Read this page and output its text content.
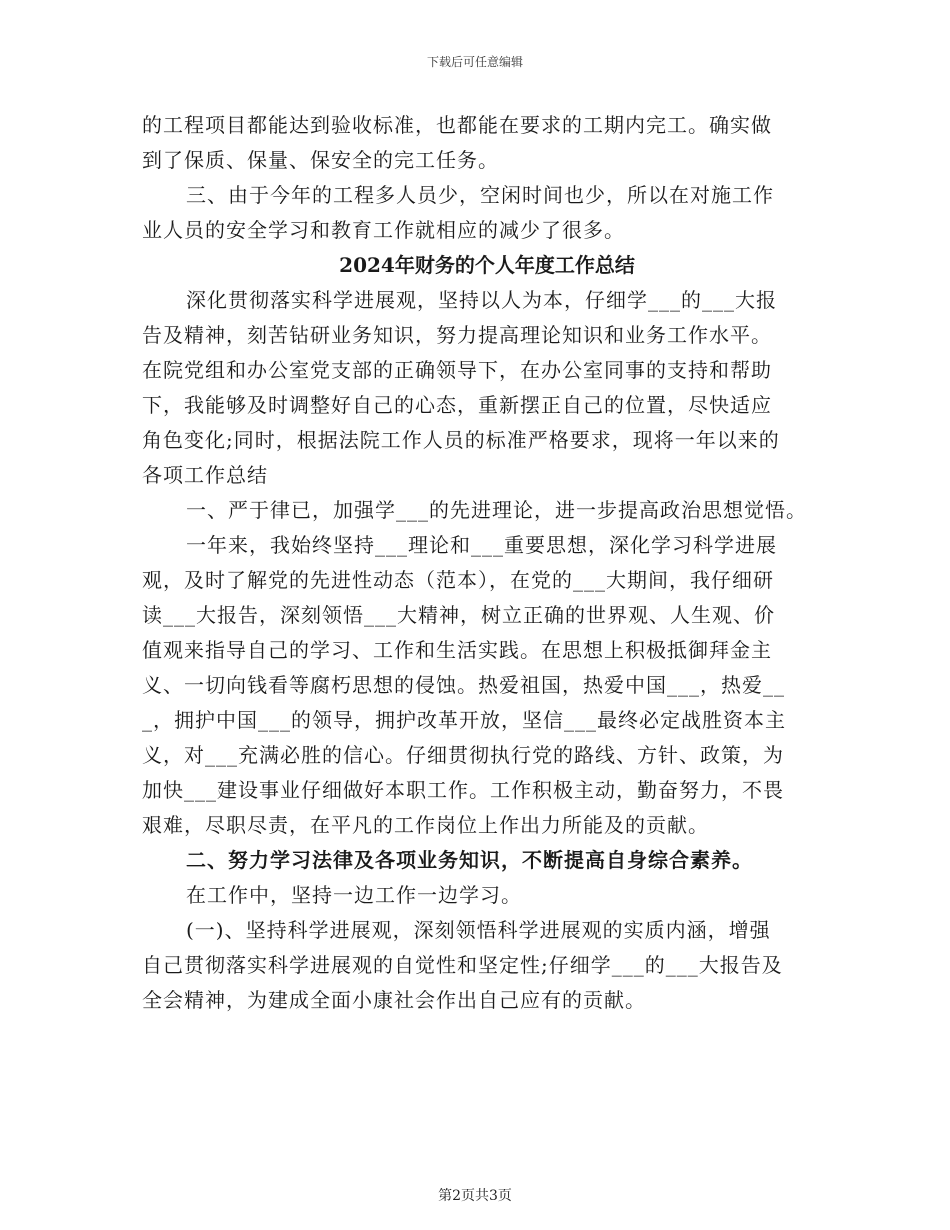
下载后可任意编辑
的工程项目都能达到验收标准，也都能在要求的工期内完工。确实做
到了保质、保量、保安全的完工任务。
三、由于今年的工程多人员少，空闲时间也少，所以在对施工作
业人员的安全学习和教育工作就相应的减少了很多。
2024年财务的个人年度工作总结
深化贯彻落实科学进展观，坚持以人为本，仔细学___的___大报
告及精神，刻苦钻研业务知识，努力提高理论知识和业务工作水平。
在院党组和办公室党支部的正确领导下，在办公室同事的支持和帮助
下，我能够及时调整好自己的心态，重新摆正自己的位置，尽快适应
角色变化;同时，根据法院工作人员的标准严格要求，现将一年以来的
各项工作总结
一、严于律已，加强学___的先进理论，进一步提高政治思想觉悟。
一年来，我始终坚持___理论和___重要思想，深化学习科学进展
观，及时了解党的先进性动态（范本），在党的___大期间，我仔细研
读___大报告，深刻领悟___大精神，树立正确的世界观、人生观、价
值观来指导自己的学习、工作和生活实践。在思想上积极抵御拜金主
义、一切向钱看等腐朽思想的侵蚀。热爱祖国，热爱中国___，热爱__
_，拥护中国___的领导，拥护改革开放，坚信___最终必定战胜资本主
义，对___充满必胜的信心。仔细贯彻执行党的路线、方针、政策，为
加快___建设事业仔细做好本职工作。工作积极主动，勤奋努力，不畏
艰难，尽职尽责，在平凡的工作岗位上作出力所能及的贡献。
二、努力学习法律及各项业务知识，不断提高自身综合素养。
在工作中，坚持一边工作一边学习。
(一)、坚持科学进展观，深刻领悟科学进展观的实质内涵，增强
自己贯彻落实科学进展观的自觉性和坚定性;仔细学___的___大报告及
全会精神，为建成全面小康社会作出自己应有的贡献。
第2页共3页
